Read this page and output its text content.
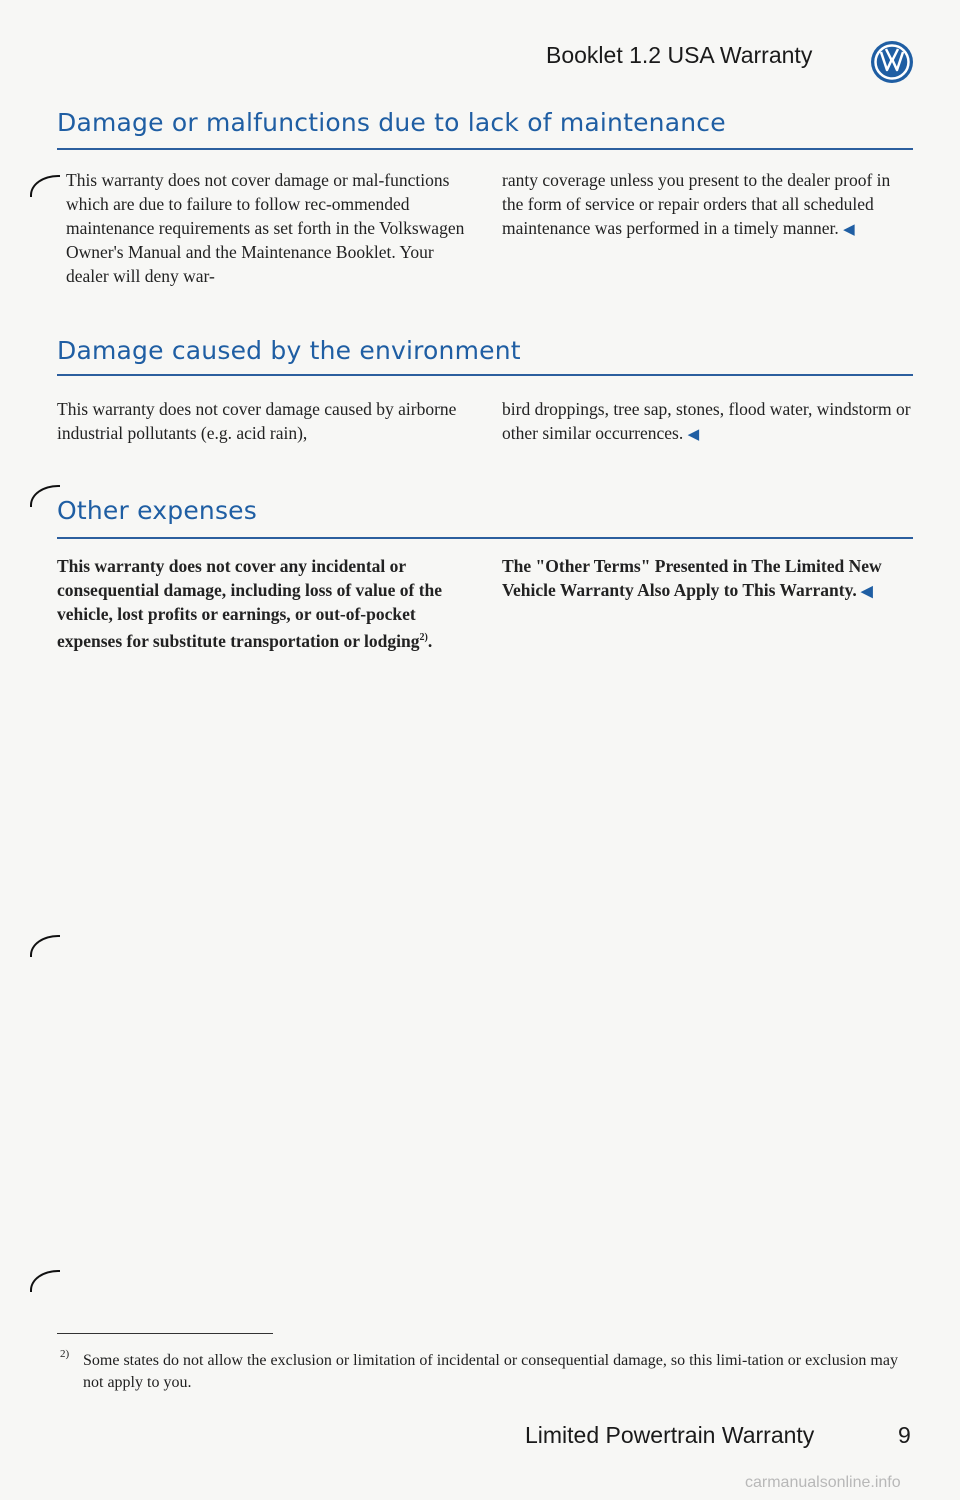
Booklet 1.2 USA Warranty
Damage or malfunctions due to lack of maintenance

This warranty does not cover damage or mal-functions which are due to failure to follow rec-ommended maintenance requirements as set forth in the Volkswagen Owner's Manual and the Maintenance Booklet. Your dealer will deny war-

ranty coverage unless you present to the dealer proof in the form of service or repair orders that all scheduled maintenance was performed in a timely manner. ◀

Damage caused by the environment

This warranty does not cover damage caused by airborne industrial pollutants (e.g. acid rain),

bird droppings, tree sap, stones, flood water, windstorm or other similar occurrences. ◀

Other expenses

This warranty does not cover any incidental or consequential damage, including loss of value of the vehicle, lost profits or earnings, or out-of-pocket expenses for substitute transportation or lodging$^{2)}$.

The "Other Terms" Presented in The Limited New Vehicle Warranty Also Apply to This Warranty. ◀

2) Some states do not allow the exclusion or limitation of incidental or consequential damage, so this limi-tation or exclusion may not apply to you.

Limited Powertrain Warranty	9
carmanualsonline.info
